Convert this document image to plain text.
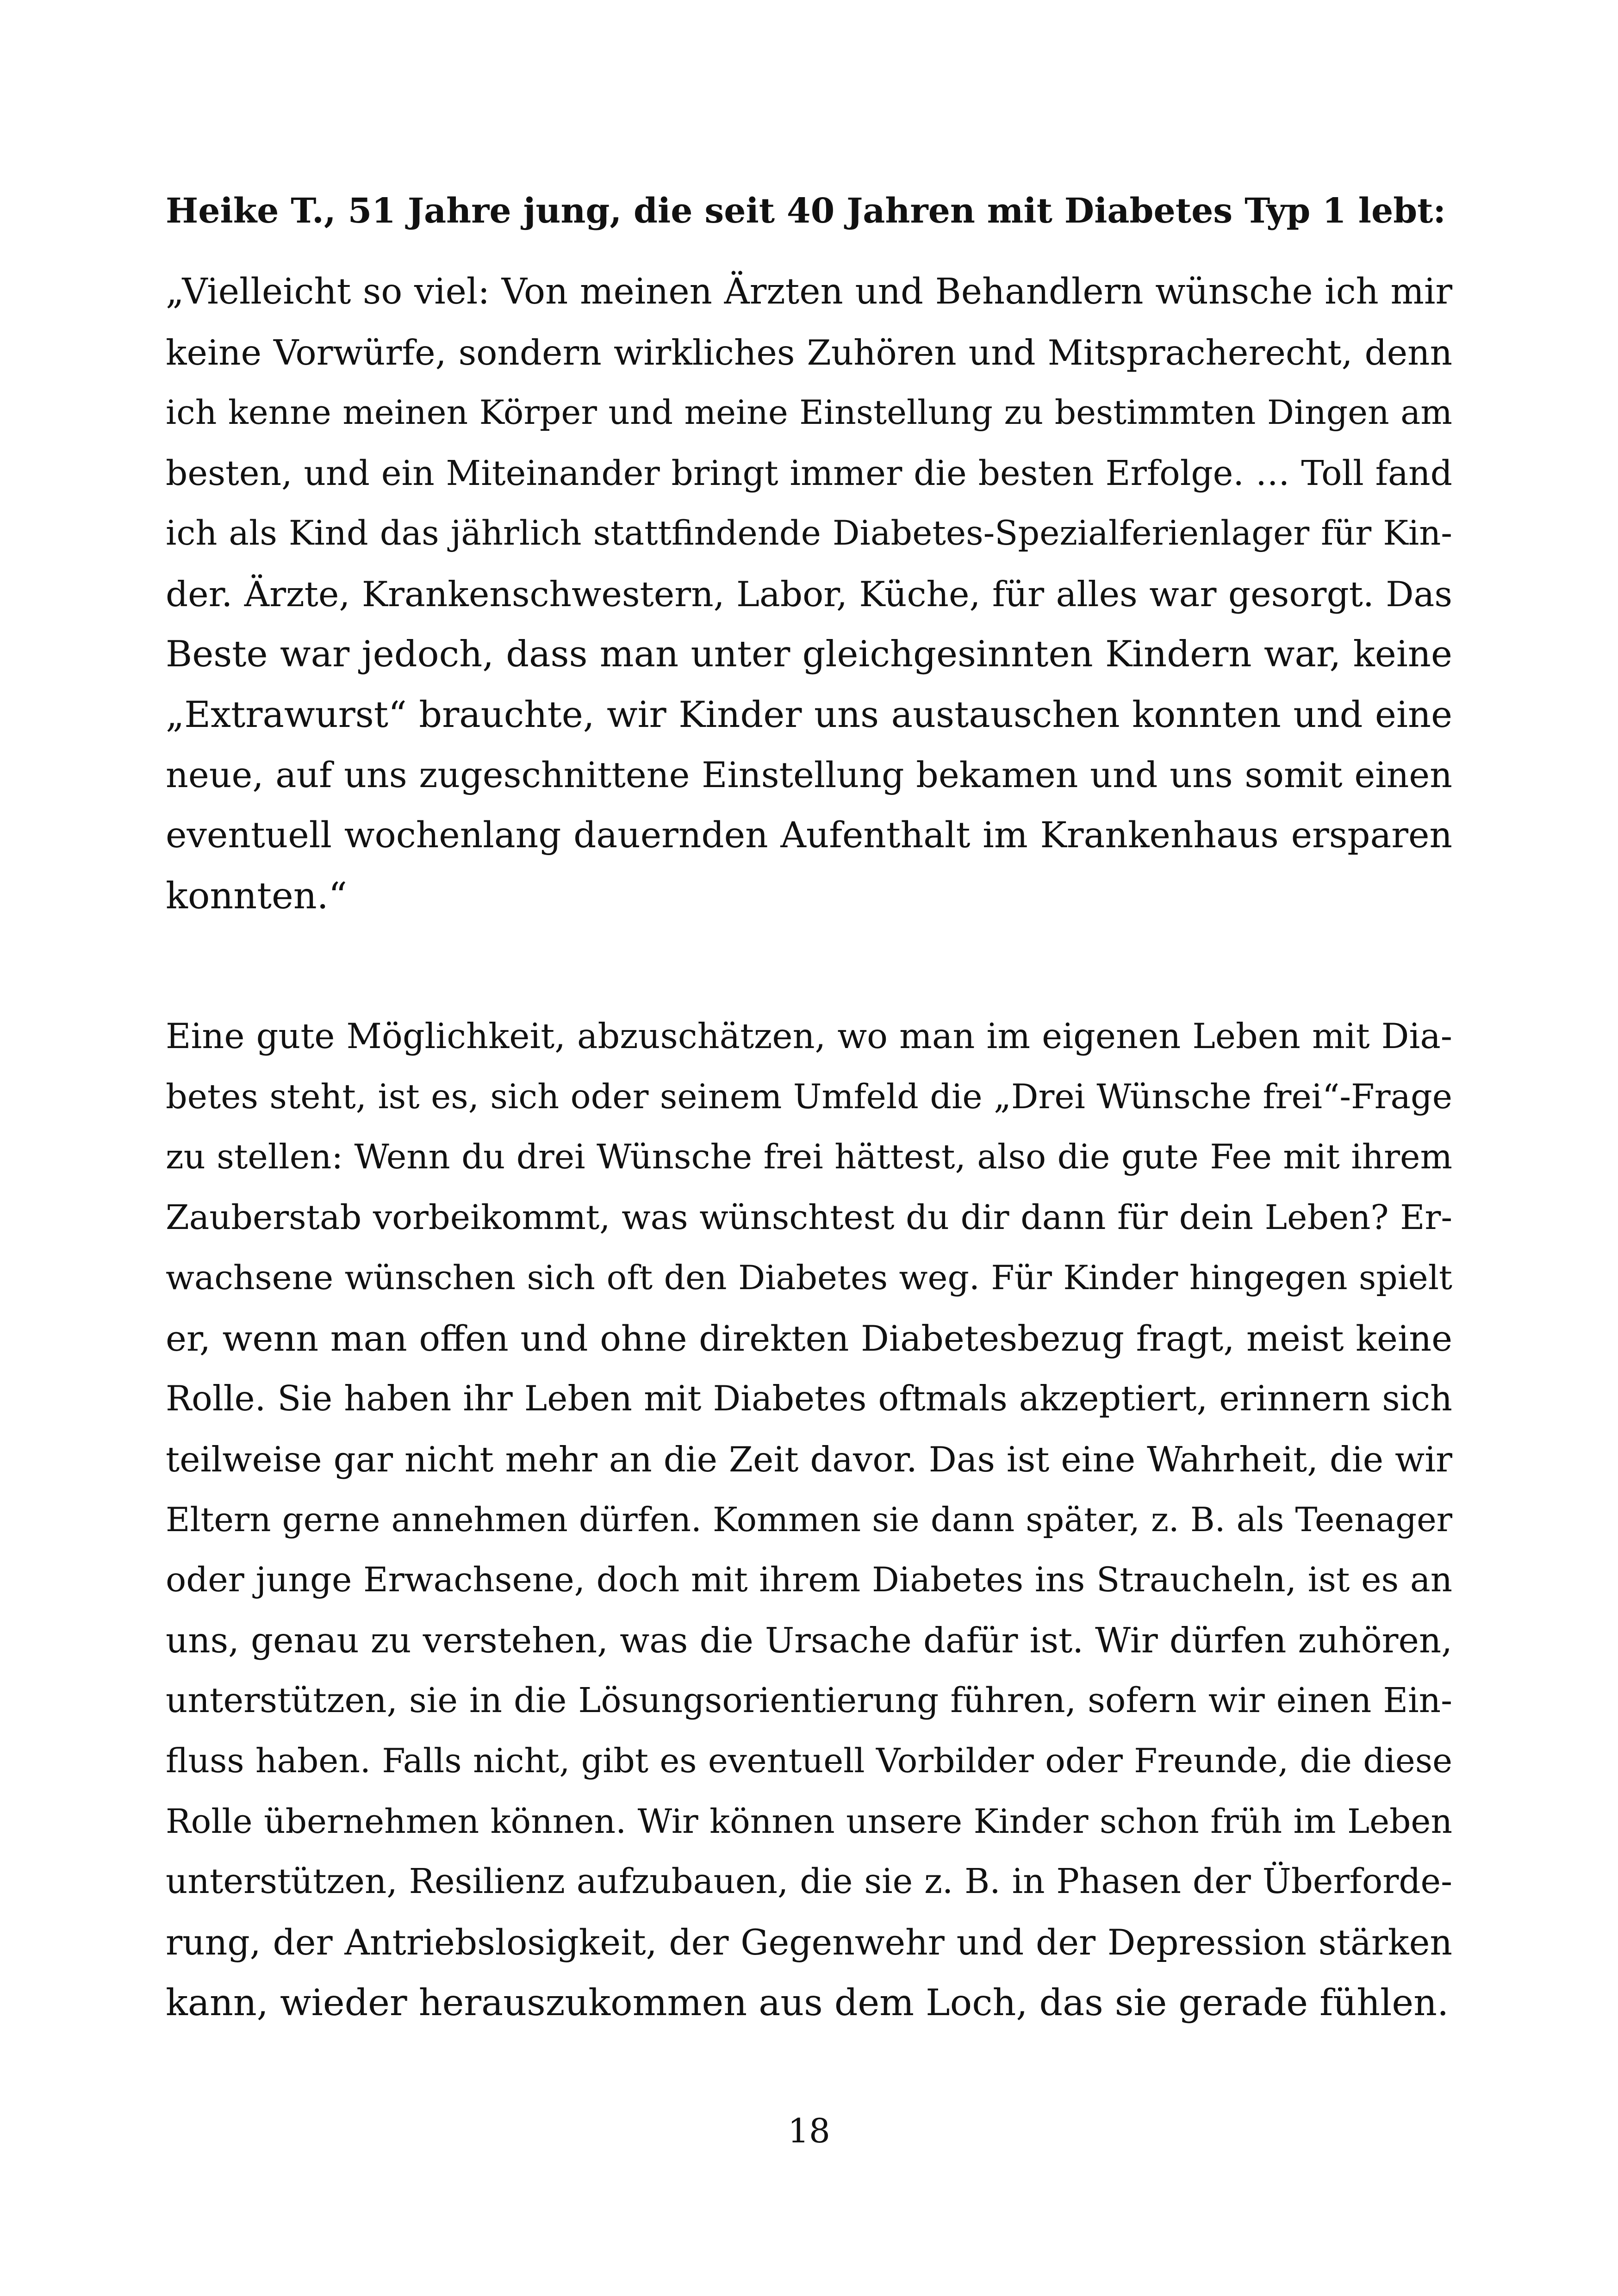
Heike T., 51 Jahre jung, die seit 40 Jahren mit Diabetes Typ 1 lebt:
„Vielleicht so viel: Von meinen Ärzten und Behandlern wünsche ich mir
keine Vorwürfe, sondern wirkliches Zuhören und Mitspracherecht, denn
ich kenne meinen Körper und meine Einstellung zu bestimmten Dingen am
besten, und ein Miteinander bringt immer die besten Erfolge. … Toll fand
ich als Kind das jährlich stattfindende Diabetes-Spezialferienlager für Kin-
der. Ärzte, Krankenschwestern, Labor, Küche, für alles war gesorgt. Das
Beste war jedoch, dass man unter gleichgesinnten Kindern war, keine
„Extrawurst“ brauchte, wir Kinder uns austauschen konnten und eine
neue, auf uns zugeschnittene Einstellung bekamen und uns somit einen
eventuell wochenlang dauernden Aufenthalt im Krankenhaus ersparen
konnten.“
Eine gute Möglichkeit, abzuschätzen, wo man im eigenen Leben mit Dia-
betes steht, ist es, sich oder seinem Umfeld die „Drei Wünsche frei“-Frage
zu stellen: Wenn du drei Wünsche frei hättest, also die gute Fee mit ihrem
Zauberstab vorbeikommt, was wünschtest du dir dann für dein Leben? Er-
wachsene wünschen sich oft den Diabetes weg. Für Kinder hingegen spielt
er, wenn man offen und ohne direkten Diabetesbezug fragt, meist keine
Rolle. Sie haben ihr Leben mit Diabetes oftmals akzeptiert, erinnern sich
teilweise gar nicht mehr an die Zeit davor. Das ist eine Wahrheit, die wir
Eltern gerne annehmen dürfen. Kommen sie dann später, z. B. als Teenager
oder junge Erwachsene, doch mit ihrem Diabetes ins Straucheln, ist es an
uns, genau zu verstehen, was die Ursache dafür ist. Wir dürfen zuhören,
unterstützen, sie in die Lösungsorientierung führen, sofern wir einen Ein-
fluss haben. Falls nicht, gibt es eventuell Vorbilder oder Freunde, die diese
Rolle übernehmen können. Wir können unsere Kinder schon früh im Leben
unterstützen, Resilienz aufzubauen, die sie z. B. in Phasen der Überforde-
rung, der Antriebslosigkeit, der Gegenwehr und der Depression stärken
kann, wieder herauszukommen aus dem Loch, das sie gerade fühlen.
18
